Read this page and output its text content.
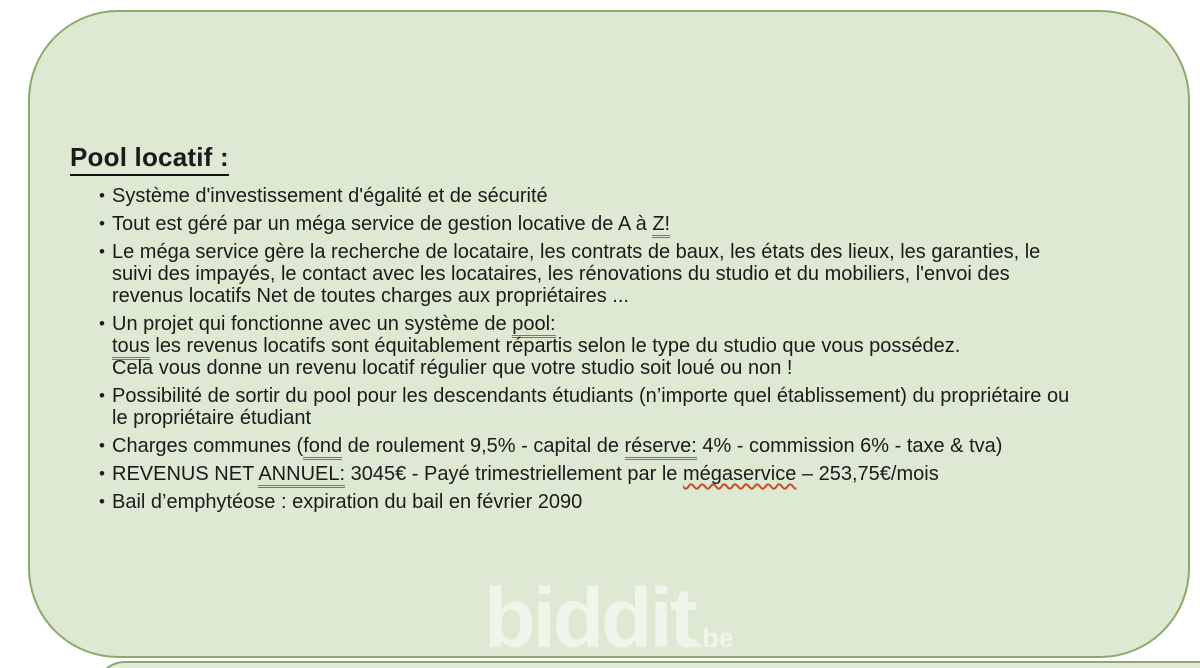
Pool locatif :
• Système d'investissement d'égalité et de sécurité
• Tout est géré par un méga service de gestion locative de A à Z!
• Le méga service gère la recherche de locataire, les contrats de baux, les états des lieux, les garanties, le
suivi des impayés, le contact avec les locataires, les rénovations du studio et du mobiliers, l'envoi des
revenus locatifs Net de toutes charges aux propriétaires ...
• Un projet qui fonctionne avec un système de pool:
tous les revenus locatifs sont équitablement répartis selon le type du studio que vous possédez.
Cela vous donne un revenu locatif régulier que votre studio soit loué ou non !
• Possibilité de sortir du pool pour les descendants étudiants (n’importe quel établissement) du propriétaire ou
le propriétaire étudiant
• Charges communes (fond de roulement 9,5% - capital de réserve: 4% - commission 6% - taxe & tva)
• REVENUS NET ANNUEL: 3045€ - Payé trimestriellement par le mégaservice – 253,75€/mois
• Bail d’emphytéose : expiration du bail en février 2090
biddit.be
